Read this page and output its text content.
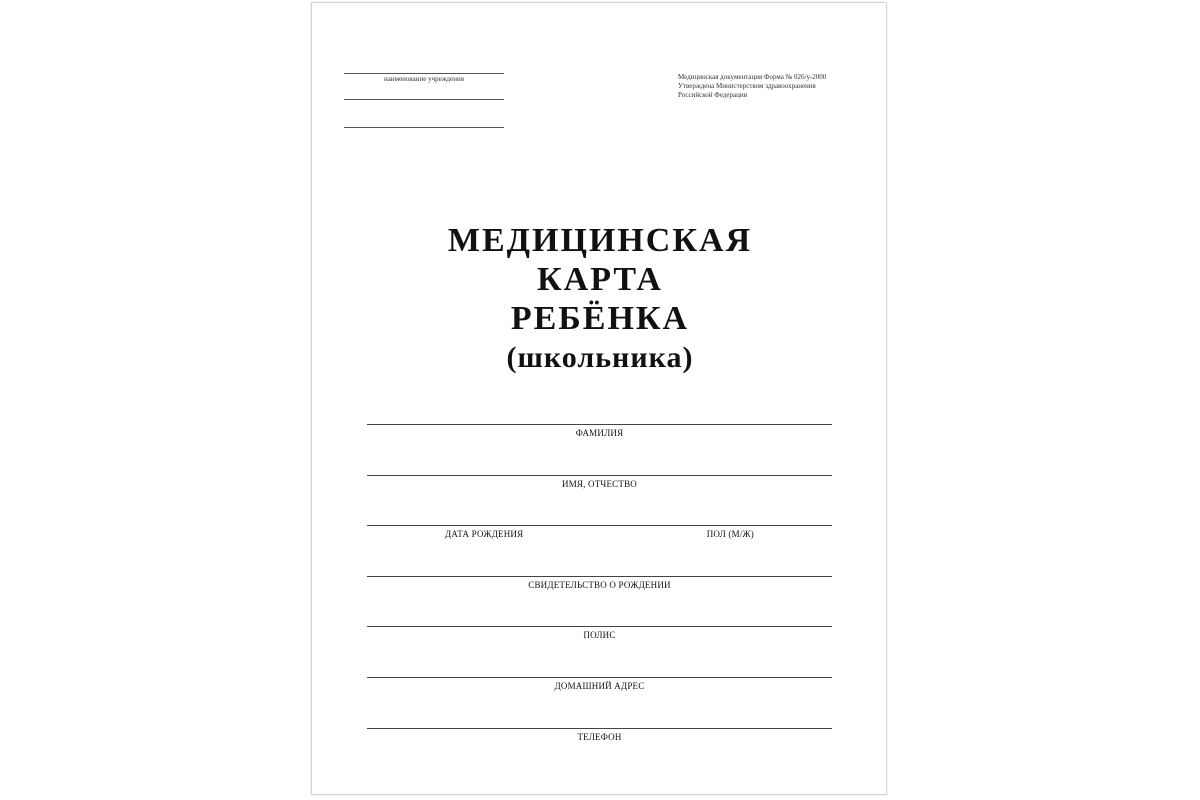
наименование учреждения	Медицинская документация Форма № 026/у-2000
Утверждена Министерством здравоохранения
Российской Федерации
МЕДИЦИНСКАЯ
КАРТА
РЕБЁНКА
(школьника)
ФАМИЛИЯ
ИМЯ, ОТЧЕСТВО
ДАТА РОЖДЕНИЯ	ПОЛ (М/Ж)
СВИДЕТЕЛЬСТВО О РОЖДЕНИИ
ПОЛИС
ДОМАШНИЙ АДРЕС
ТЕЛЕФОН
